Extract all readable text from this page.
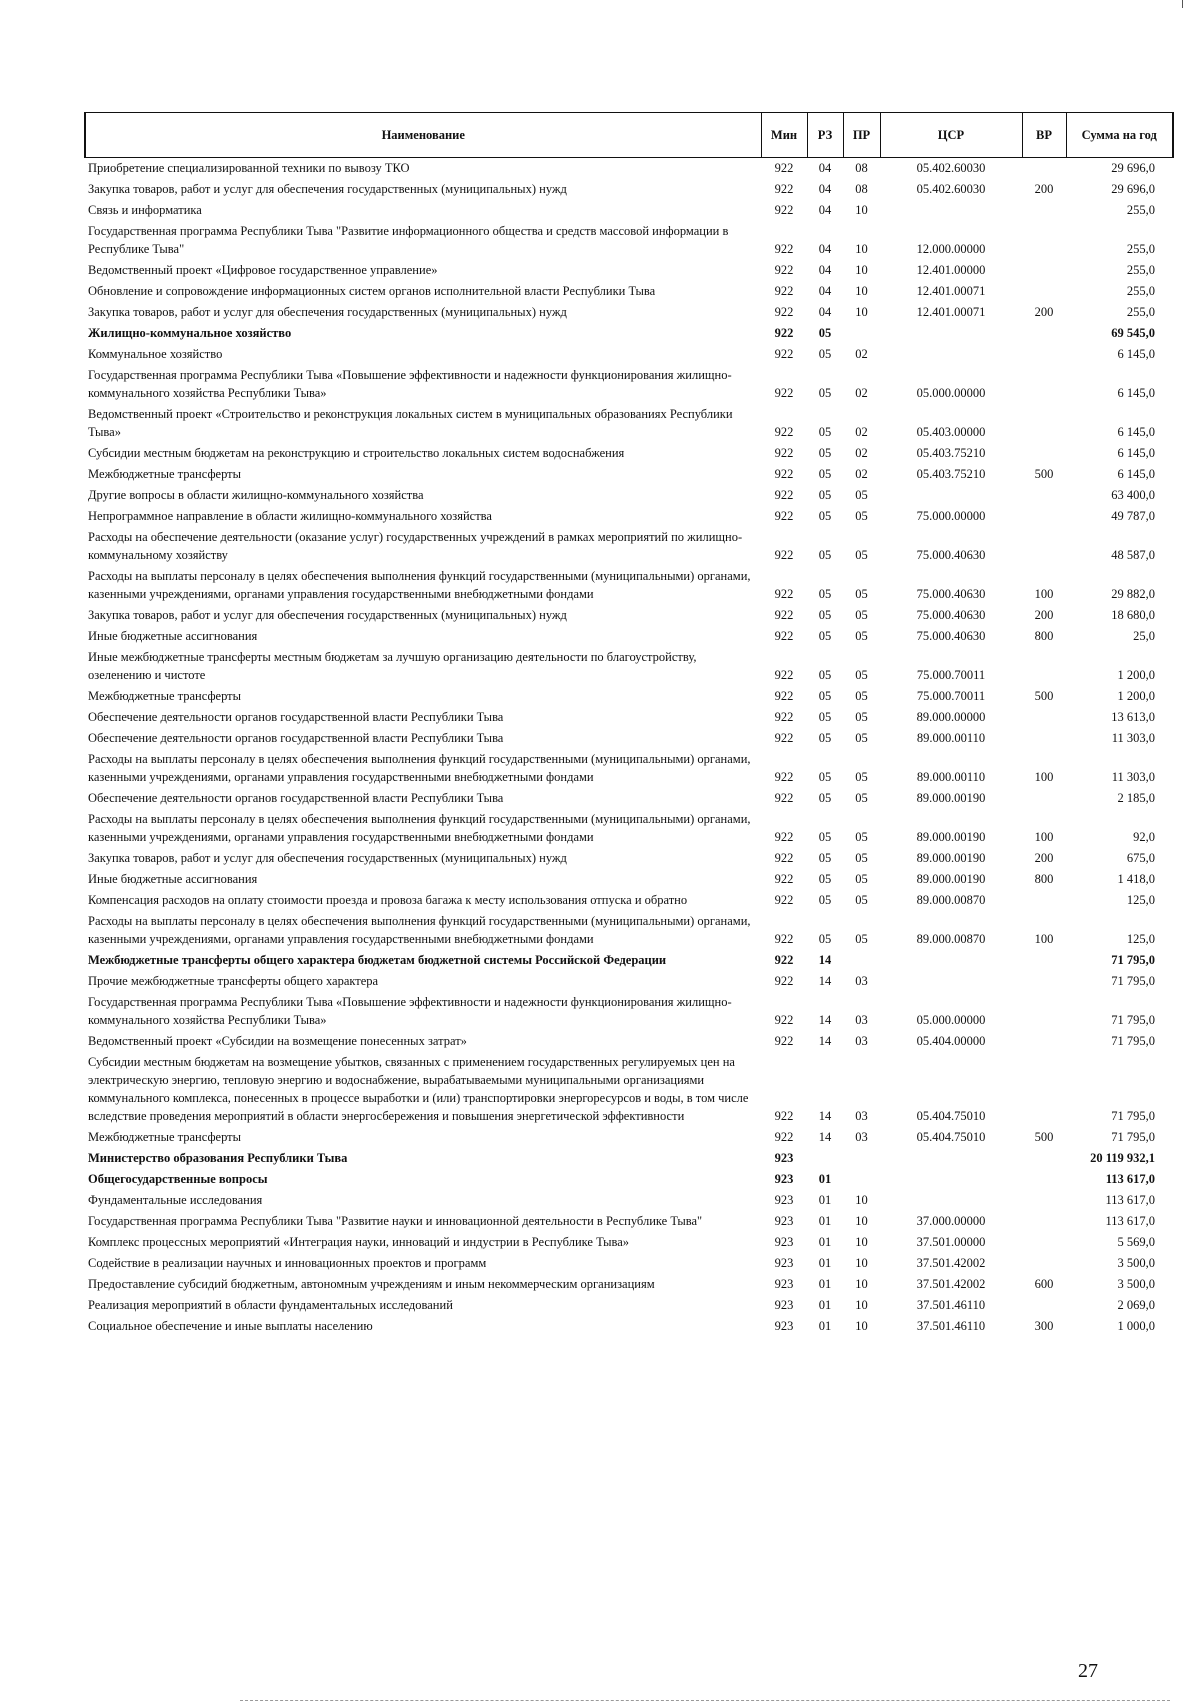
Наименование	Мин	РЗ	ПР	ЦСР	ВР	Сумма на год
Приобретение специализированной техники по вывозу ТКО	922	04	08	05.402.60030		29 696,0
Закупка товаров, работ и услуг для обеспечения государственных (муниципальных) нужд	922	04	08	05.402.60030	200	29 696,0
Связь и информатика	922	04	10			255,0
Государственная программа Республики Тыва "Развитие информационного общества и средств массовой информации в Республике Тыва"	922	04	10	12.000.00000		255,0
Ведомственный проект «Цифровое государственное управление»	922	04	10	12.401.00000		255,0
Обновление и сопровождение информационных систем органов исполнительной власти Республики Тыва	922	04	10	12.401.00071		255,0
Закупка товаров, работ и услуг для обеспечения государственных (муниципальных) нужд	922	04	10	12.401.00071	200	255,0
Жилищно-коммунальное хозяйство	922	05				69 545,0
Коммунальное хозяйство	922	05	02			6 145,0
Государственная программа Республики Тыва «Повышение эффективности и надежности функционирования жилищно-коммунального хозяйства Республики Тыва»	922	05	02	05.000.00000		6 145,0
Ведомственный проект «Строительство и реконструкция локальных систем в муниципальных образованиях Республики Тыва»	922	05	02	05.403.00000		6 145,0
Субсидии местным бюджетам на реконструкцию и строительство локальных систем водоснабжения	922	05	02	05.403.75210		6 145,0
Межбюджетные трансферты	922	05	02	05.403.75210	500	6 145,0
Другие вопросы в области жилищно-коммунального хозяйства	922	05	05			63 400,0
Непрограммное направление в области жилищно-коммунального хозяйства	922	05	05	75.000.00000		49 787,0
Расходы на обеспечение деятельности (оказание услуг) государственных учреждений в рамках мероприятий по жилищно-коммунальному хозяйству	922	05	05	75.000.40630		48 587,0
Расходы на выплаты персоналу в целях обеспечения выполнения функций государственными (муниципальными) органами, казенными учреждениями, органами управления государственными внебюджетными фондами	922	05	05	75.000.40630	100	29 882,0
Закупка товаров, работ и услуг для обеспечения государственных (муниципальных) нужд	922	05	05	75.000.40630	200	18 680,0
Иные бюджетные ассигнования	922	05	05	75.000.40630	800	25,0
Иные межбюджетные трансферты местным бюджетам за лучшую организацию деятельности по благоустройству, озеленению и чистоте	922	05	05	75.000.70011		1 200,0
Межбюджетные трансферты	922	05	05	75.000.70011	500	1 200,0
Обеспечение деятельности органов государственной власти Республики Тыва	922	05	05	89.000.00000		13 613,0
Обеспечение деятельности органов государственной власти Республики Тыва	922	05	05	89.000.00110		11 303,0
Расходы на выплаты персоналу в целях обеспечения выполнения функций государственными (муниципальными) органами, казенными учреждениями, органами управления государственными внебюджетными фондами	922	05	05	89.000.00110	100	11 303,0
Обеспечение деятельности органов государственной власти Республики Тыва	922	05	05	89.000.00190		2 185,0
Расходы на выплаты персоналу в целях обеспечения выполнения функций государственными (муниципальными) органами, казенными учреждениями, органами управления государственными внебюджетными фондами	922	05	05	89.000.00190	100	92,0
Закупка товаров, работ и услуг для обеспечения государственных (муниципальных) нужд	922	05	05	89.000.00190	200	675,0
Иные бюджетные ассигнования	922	05	05	89.000.00190	800	1 418,0
Компенсация расходов на оплату стоимости проезда и провоза багажа к месту использования отпуска и обратно	922	05	05	89.000.00870		125,0
Расходы на выплаты персоналу в целях обеспечения выполнения функций государственными (муниципальными) органами, казенными учреждениями, органами управления государственными внебюджетными фондами	922	05	05	89.000.00870	100	125,0
Межбюджетные трансферты общего характера бюджетам бюджетной системы Российской Федерации	922	14				71 795,0
Прочие межбюджетные трансферты общего характера	922	14	03			71 795,0
Государственная программа Республики Тыва «Повышение эффективности и надежности функционирования жилищно-коммунального хозяйства Республики Тыва»	922	14	03	05.000.00000		71 795,0
Ведомственный проект «Субсидии на возмещение понесенных затрат»	922	14	03	05.404.00000		71 795,0
Субсидии местным бюджетам на возмещение убытков, связанных с применением государственных регулируемых цен на электрическую энергию, тепловую энергию и водоснабжение, вырабатываемыми муниципальными организациями коммунального комплекса, понесенных в процессе выработки и (или) транспортировки энергоресурсов и воды, в том числе вследствие проведения мероприятий в области энергосбережения и повышения энергетической эффективности	922	14	03	05.404.75010		71 795,0
Межбюджетные трансферты	922	14	03	05.404.75010	500	71 795,0
Министерство образования Республики Тыва	923					20 119 932,1
Общегосударственные вопросы	923	01				113 617,0
Фундаментальные исследования	923	01	10			113 617,0
Государственная программа Республики Тыва "Развитие науки и инновационной деятельности в Республике Тыва"	923	01	10	37.000.00000		113 617,0
Комплекс процессных мероприятий «Интеграция науки, инноваций и индустрии в Республике Тыва»	923	01	10	37.501.00000		5 569,0
Содействие в реализации научных и инновационных проектов и программ	923	01	10	37.501.42002		3 500,0
Предоставление субсидий бюджетным, автономным учреждениям и иным некоммерческим организациям	923	01	10	37.501.42002	600	3 500,0
Реализация мероприятий в области фундаментальных исследований	923	01	10	37.501.46110		2 069,0
Социальное обеспечение и иные выплаты населению	923	01	10	37.501.46110	300	1 000,0
27
